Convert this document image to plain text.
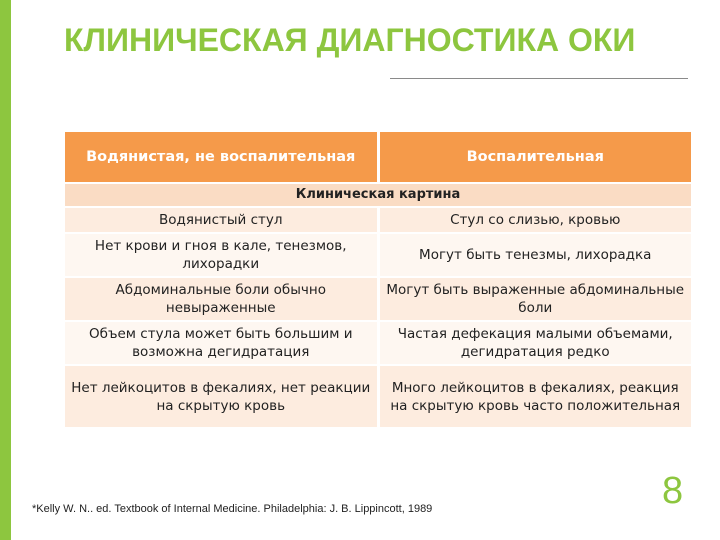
КЛИНИЧЕСКАЯ ДИАГНОСТИКА ОКИ
Водянистая, не воспалительная	Воспалительная
Клиническая картина	
Водянистый стул	Стул со слизью, кровью
Нет крови и гноя в кале, тенезмов, лихорадки	Могут быть тенезмы, лихорадка
Абдоминальные боли обычно невыраженные	Могут быть выраженные абдоминальные боли
Объем стула может быть большим и возможна дегидратация	Частая дефекация малыми объемами, дегидратация редко
Нет лейкоцитов в фекалиях, нет реакции на скрытую кровь	Много лейкоцитов в фекалиях, реакция на скрытую кровь часто положительная
*Kelly W. N.. ed. Textbook of Internal Medicine. Philadelphia: J. B. Lippincott, 1989	8
